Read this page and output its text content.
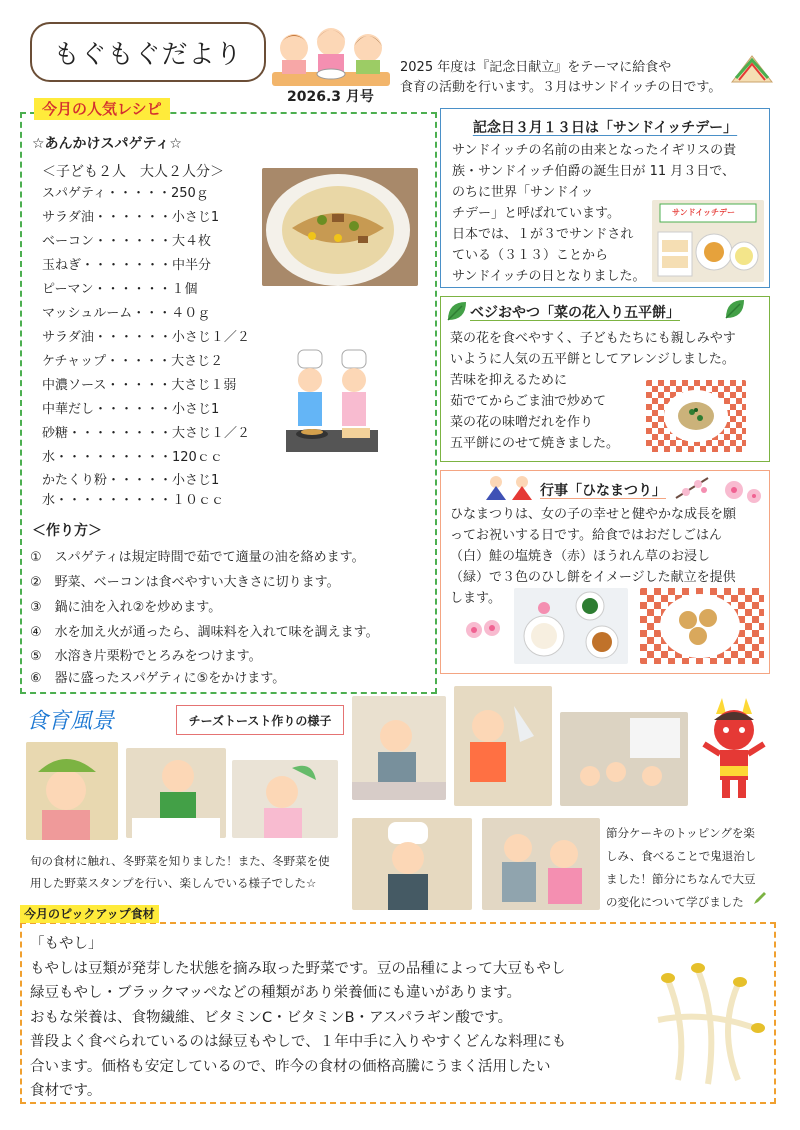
もぐもぐだより
2026.3 月号
2025 年度は『記念日献立』をテーマに給食や
食育の活動を行います。３月はサンドイッチの日です。
今月の人気レシピ
☆あんかけスパゲティ☆
＜子ども２人　大人２人分＞
スパゲティ・・・・・250ｇ
サラダ油・・・・・・小さじ1
ベーコン・・・・・・大４枚
玉ねぎ・・・・・・・中半分
ピーマン・・・・・・１個
マッシュルーム・・・４０ｇ
サラダ油・・・・・・小さじ１／２
ケチャップ・・・・・大さじ２
中濃ソース・・・・・大さじ１弱
中華だし・・・・・・小さじ1
砂糖・・・・・・・・大さじ１／２
水・・・・・・・・・120ｃｃ
かたくり粉・・・・・小さじ1
水・・・・・・・・・１０ｃｃ
＜作り方＞
①　スパゲティは規定時間で茹でて適量の油を絡めます。
②　野菜、ベーコンは食べやすい大きさに切ります。
③　鍋に油を入れ②を炒めます。
④　水を加え火が通ったら、調味料を入れて味を調えます。
⑤　水溶き片栗粉でとろみをつけます。
⑥　器に盛ったスパゲティに⑤をかけます。
記念日３月１３日は「サンドイッチデー」
サンドイッチの名前の由来となったイギリスの貴
族・サンドイッチ伯爵の誕生日が 11 月３日で、
のちに世界「サンドイッ
チデー」と呼ばれています。
日本では、１が３でサンドされ
ている（３１３）ことから
サンドイッチの日となりました。
サンドイッチデー
ベジおやつ「菜の花入り五平餅」
菜の花を食べやすく、子どもたちにも親しみやす
いように人気の五平餅としてアレンジしました。
苦味を抑えるために
茹でてからごま油で炒めて
菜の花の味噌だれを作り
五平餅にのせて焼きました。
行事「ひなまつり」
ひなまつりは、女の子の幸せと健やかな成長を願
ってお祝いする日です。給食ではおだしごはん
（白）鮭の塩焼き（赤）ほうれん草のお浸し
（緑）で３色のひし餅をイメージした献立を提供
します。
食育風景	チーズトースト作りの様子
旬の食材に触れ、冬野菜を知りました！また、冬野菜を使
用した野菜スタンプを行い、楽しんでいる様子でした☆
節分ケーキのトッピングを楽
しみ、食べることで鬼退治し
ました！節分にちなんで大豆
の変化について学びました
今月のピックアップ食材
「もやし」
もやしは豆類が発芽した状態を摘み取った野菜です。豆の品種によって大豆もやし
緑豆もやし・ブラックマッペなどの種類があり栄養価にも違いがあります。
おもな栄養は、食物繊維、ビタミンC・ビタミンB・アスパラギン酸です。
普段よく食べられているのは緑豆もやしで、１年中手に入りやすくどんな料理にも
合います。価格も安定しているので、昨今の食材の価格高騰にうまく活用したい
食材です。
